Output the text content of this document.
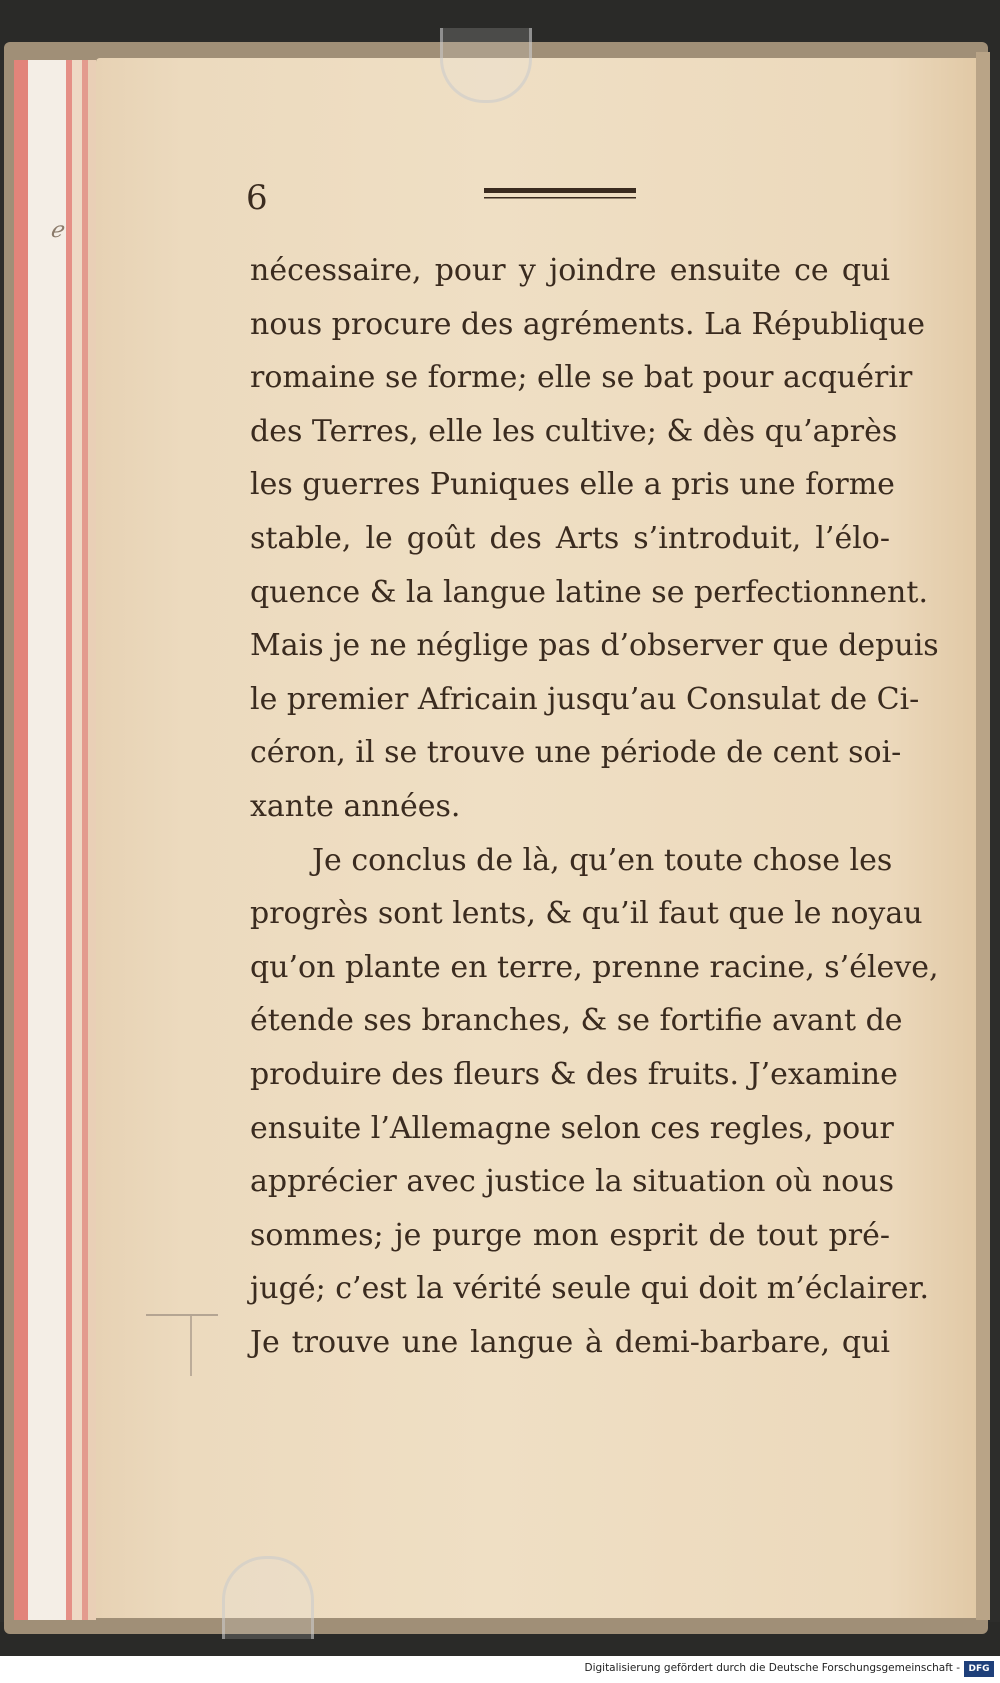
ℯ
6
nécessaire, pour y joindre ensuite ce qui
nous procure des agréments. La République
romaine se forme; elle se bat pour acquérir
des Terres, elle les cultive; & dès qu’après
les guerres Puniques elle a pris une forme
stable, le goût des Arts s’introduit, l’élo-
quence & la langue latine se perfectionnent.
Mais je ne néglige pas d’observer que depuis
le premier Africain jusqu’au Consulat de Ci-
céron, il se trouve une période de cent soi-
xante années.
Je conclus de là, qu’en toute chose les
progrès sont lents, & qu’il faut que le noyau
qu’on plante en terre, prenne racine, s’éleve,
étende ses branches, & se fortifie avant de
produire des fleurs & des fruits. J’examine
ensuite l’Allemagne selon ces regles, pour
apprécier avec justice la situation où nous
sommes; je purge mon esprit de tout pré-
jugé; c’est la vérité seule qui doit m’éclairer.
Je trouve une langue à demi-barbare, qui
Digitalisierung gefördert durch die Deutsche Forschungsgemeinschaft - DFG
